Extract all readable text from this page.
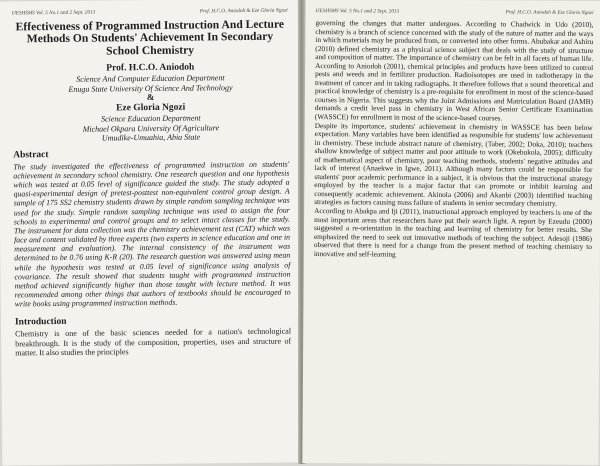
IJESHSMS Vol. 5 No.1 and 2 Sept. 2013	Prof. H.C.O. Aniodoh & Eze Gloria Ngozi
Effectiveness of Programmed Instruction And Lecture Methods On Students' Achievement In Secondary School Chemistry
Prof. H.C.O. Aniodoh
Science And Computer Education Department
Enugu State University Of Science And Technology
&
Eze Gloria Ngozi
Science Education Department
Michael Okpara University Of Agriculture
Umudike-Umuahia, Abia State
Abstract

The study investigated the effectiveness of programmed instruction on students' achievement in secondary school chemistry. One research question and one hypothesis which was tested at 0.05 level of significance guided the study. The study adopted a quasi-experimental design of pretest-posttest non-equivalent control group design. A sample of 175 SS2 chemistry students drawn by simple random sampling technique was used for the study. Simple random sampling technique was used to assign the four schools to experimental and control groups and to select intact classes for the study. The instrument for data collection was the chemistry achievement test (CAT) which was face and content validated by three experts (two experts in science education and one in measurement and evaluation). The internal consistency of the instrument was determined to be 0.76 using K-R (20). The research question was answered using mean while the hypothesis was tested at 0.05 level of significance using analysis of covariance. The result showed that students taught with programmed instruction method achieved significantly higher than those taught with lecture method. It was recommended among other things that authors of textbooks should be encouraged to write books using programmed instruction methods.

Introduction

Chemistry is one of the basic sciences needed for a nation's technological breakthrough. It is the study of the composition, properties, uses and structure of matter. It also studies the principles

IJESHSMS Vol. 5 No.1 and 2 Sept. 2013	Prof. H.C.O. Aniodoh & Eze Gloria Ngozi

governing the changes that matter undergoes. According to Chadwick in Udo (2010), chemistry is a branch of science concerned with the study of the nature of matter and the ways in which materials may be produced from, or converted into other forms. Abubakar and Ashiru (2010) defined chemistry as a physical science subject that deals with the study of structure and composition of matter. The importance of chemistry can be felt in all facets of human life. According to Aniodoh (2001), chemical principles and products have been utilized to control pests and weeds and in fertilizer production. Radioisotopes are used in radiotherapy in the treatment of cancer and in taking radiographs. It therefore follows that a sound theoretical and practical knowledge of chemistry is a pre-requisite for enrollment in most of the science-based courses in Nigeria. This suggests why the Joint Admissions and Matriculation Board (JAMB) demands a credit level pass in chemistry in West African Senior Certificate Examination (WASSCE) for enrollment in most of the science-based courses.

Despite its importance, students' achievement in chemistry in WASSCE has been below expectation. Many variables have been identified as responsible for students' low achievement in chemistry. These include abstract nature of chemistry, (Taber, 2002; Doka, 2010); teachers shallow knowledge of subject matter and poor attitude to work (Okebukola, 2005); difficulty of mathematical aspect of chemistry, poor teaching methods, students' negative attitudes and lack of interest (Anaekwe in Igwe, 2011). Although many factors could be responsible for students' poor academic performance in a subject, it is obvious that the instructional strategy employed by the teacher is a major factor that can promote or inhibit learning and consequently academic achievement. Akinola (2006) and Akanbi (2003) identified teaching strategies as factors causing mass failure of students in senior secondary chemistry.

According to Abakpa and Iji (2011), instructional approach employed by teachers is one of the most important areas that researchers have put their search light. A report by Ezeudu (2000) suggested a re-orientation in the teaching and learning of chemistry for better results. She emphasized the need to seek out innovative methods of teaching the subject. Adesoji (1986) observed that there is need for a change from the present method of teaching chemistry to innovative and self-learning
